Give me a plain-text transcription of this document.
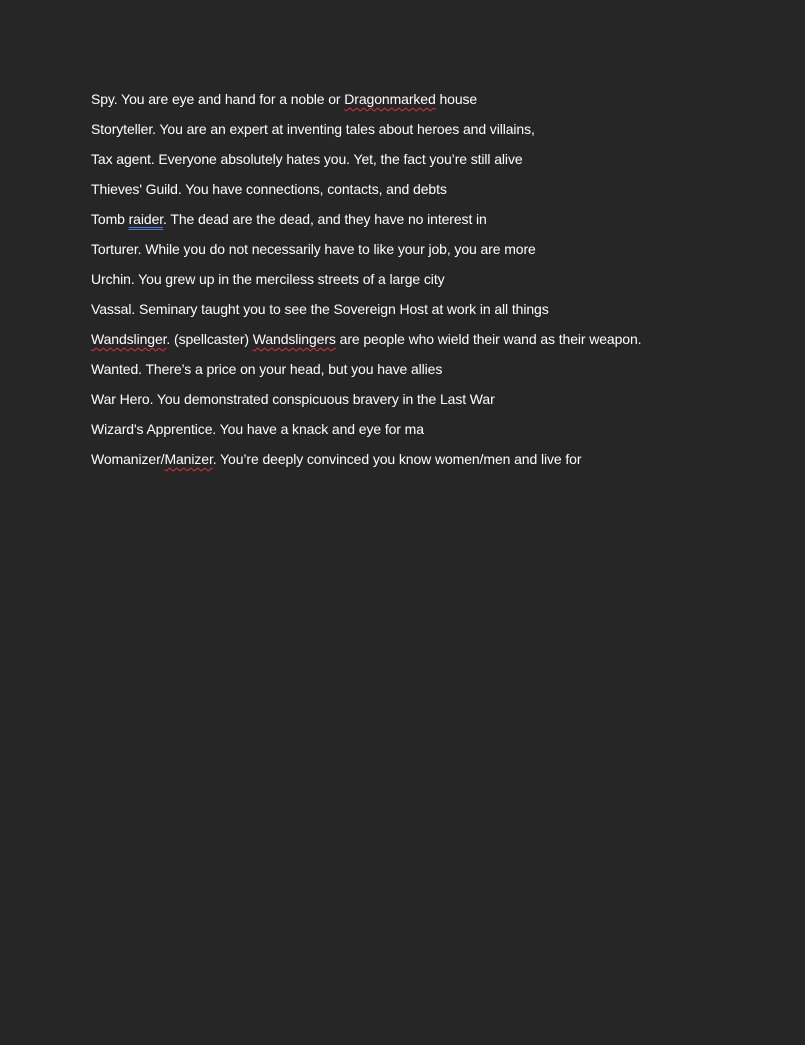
Spy. You are eye and hand for a noble or Dragonmarked house
Storyteller. You are an expert at inventing tales about heroes and villains,
Tax agent. Everyone absolutely hates you. Yet, the fact you’re still alive
Thieves' Guild. You have connections, contacts, and debts
Tomb raider. The dead are the dead, and they have no interest in
Torturer. While you do not necessarily have to like your job, you are more
Urchin. You grew up in the merciless streets of a large city
Vassal. Seminary taught you to see the Sovereign Host at work in all things
Wandslinger. (spellcaster) Wandslingers are people who wield their wand as their weapon.
Wanted. There’s a price on your head, but you have allies
War Hero. You demonstrated conspicuous bravery in the Last War
Wizard's Apprentice. You have a knack and eye for ma
Womanizer/Manizer. You’re deeply convinced you know women/men and live for
